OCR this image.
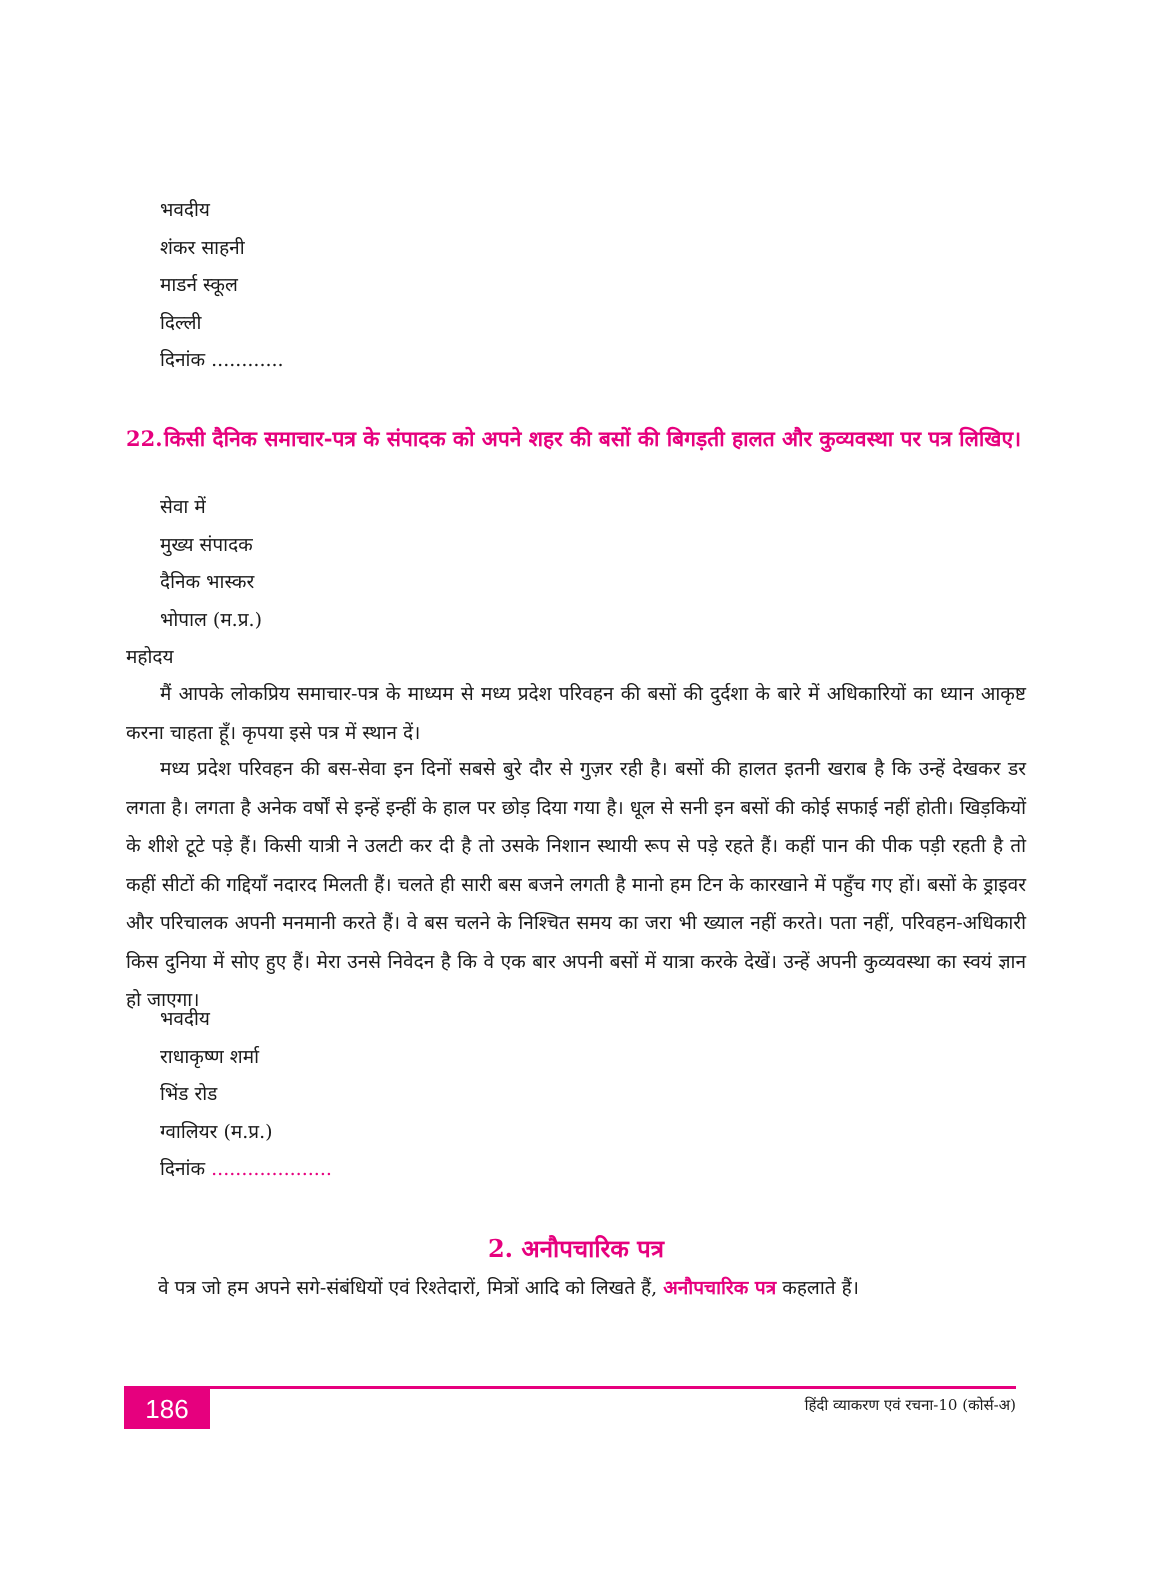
भवदीय
शंकर साहनी
माडर्न स्कूल
दिल्ली
दिनांक ............
22. किसी दैनिक समाचार-पत्र के संपादक को अपने शहर की बसों की बिगड़ती हालत और कुव्यवस्था पर पत्र लिखिए।
सेवा में
मुख्य संपादक
दैनिक भास्कर
भोपाल (म.प्र.)
महोदय
मैं आपके लोकप्रिय समाचार-पत्र के माध्यम से मध्य प्रदेश परिवहन की बसों की दुर्दशा के बारे में अधिकारियों का ध्यान आकृष्ट करना चाहता हूँ। कृपया इसे पत्र में स्थान दें।
मध्य प्रदेश परिवहन की बस-सेवा इन दिनों सबसे बुरे दौर से गुज़र रही है। बसों की हालत इतनी खराब है कि उन्हें देखकर डर लगता है। लगता है अनेक वर्षों से इन्हें इन्हीं के हाल पर छोड़ दिया गया है। धूल से सनी इन बसों की कोई सफाई नहीं होती। खिड़कियों के शीशे टूटे पड़े हैं। किसी यात्री ने उलटी कर दी है तो उसके निशान स्थायी रूप से पड़े रहते हैं। कहीं पान की पीक पड़ी रहती है तो कहीं सीटों की गद्दियाँ नदारद मिलती हैं। चलते ही सारी बस बजने लगती है मानो हम टिन के कारखाने में पहुँच गए हों। बसों के ड्राइवर और परिचालक अपनी मनमानी करते हैं। वे बस चलने के निश्चित समय का जरा भी ख्याल नहीं करते। पता नहीं, परिवहन-अधिकारी किस दुनिया में सोए हुए हैं। मेरा उनसे निवेदन है कि वे एक बार अपनी बसों में यात्रा करके देखें। उन्हें अपनी कुव्यवस्था का स्वयं ज्ञान हो जाएगा।
भवदीय
राधाकृष्ण शर्मा
भिंड रोड
ग्वालियर (म.प्र.)
दिनांक ....................
2. अनौपचारिक पत्र
वे पत्र जो हम अपने सगे-संबंधियों एवं रिश्तेदारों, मित्रों आदि को लिखते हैं, अनौपचारिक पत्र कहलाते हैं।
186	हिंदी व्याकरण एवं रचना-10 (कोर्स-अ)
